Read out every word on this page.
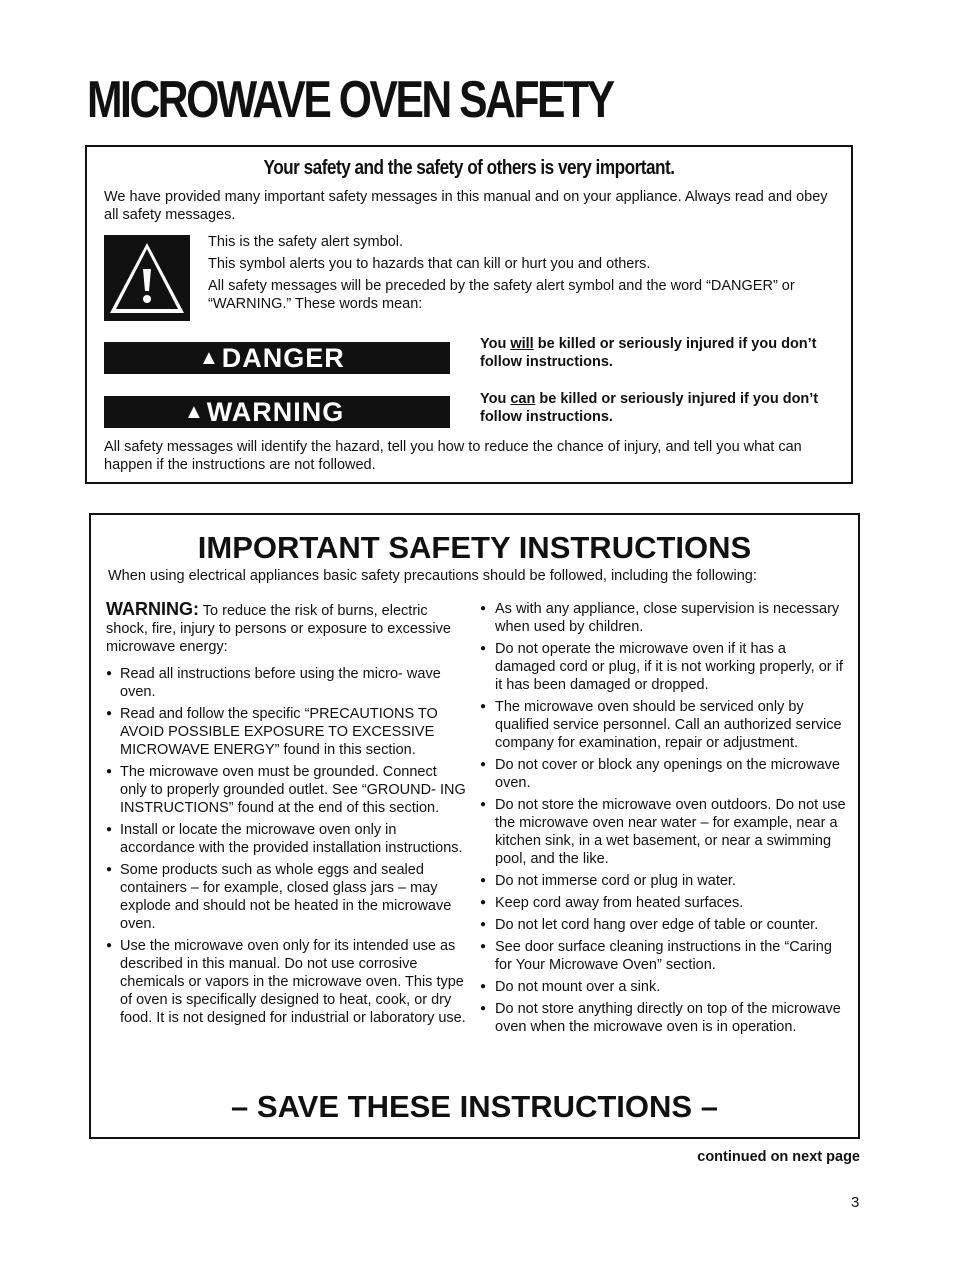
MICROWAVE OVEN SAFETY
Your safety and the safety of others is very important.
We have provided many important safety messages in this manual and on your appliance. Always read and obey all safety messages.

This is the safety alert symbol.

This symbol alerts you to hazards that can kill or hurt you and others.

All safety messages will be preceded by the safety alert symbol and the word “DANGER” or “WARNING.” These words mean:

▲ DANGER	You will be killed or seriously injured if you don’t follow instructions.
▲ WARNING	You can be killed or seriously injured if you don’t follow instructions.
All safety messages will identify the hazard, tell you how to reduce the chance of injury, and tell you what can happen if the instructions are not followed.
IMPORTANT SAFETY INSTRUCTIONS
When using electrical appliances basic safety precautions should be followed, including the following:

WARNING: To reduce the risk of burns, electric shock, fire, injury to persons or exposure to excessive microwave energy:

● Read all instructions before using the micro- wave oven.

● Read and follow the specific “PRECAUTIONS TO AVOID POSSIBLE EXPOSURE TO EXCESSIVE MICROWAVE ENERGY” found in this section.

● The microwave oven must be grounded. Connect only to properly grounded outlet. See “GROUND- ING INSTRUCTIONS” found at the end of this section.

● Install or locate the microwave oven only in accordance with the provided installation instructions.

● Some products such as whole eggs and sealed containers – for example, closed glass jars – may explode and should not be heated in the microwave oven.

● Use the microwave oven only for its intended use as described in this manual. Do not use corrosive chemicals or vapors in the microwave oven. This type of oven is specifically designed to heat, cook, or dry food. It is not designed for industrial or laboratory use.

● As with any appliance, close supervision is necessary when used by children.

● Do not operate the microwave oven if it has a damaged cord or plug, if it is not working properly, or if it has been damaged or dropped.

● The microwave oven should be serviced only by qualified service personnel. Call an authorized service company for examination, repair or adjustment.

● Do not cover or block any openings on the microwave oven.

● Do not store the microwave oven outdoors. Do not use the microwave oven near water – for example, near a kitchen sink, in a wet basement, or near a swimming pool, and the like.

● Do not immerse cord or plug in water.

● Keep cord away from heated surfaces.

● Do not let cord hang over edge of table or counter.

● See door surface cleaning instructions in the “Caring for Your Microwave Oven” section.

● Do not mount over a sink.

● Do not store anything directly on top of the microwave oven when the microwave oven is in operation.

– SAVE THESE INSTRUCTIONS –
continued on next page
3
